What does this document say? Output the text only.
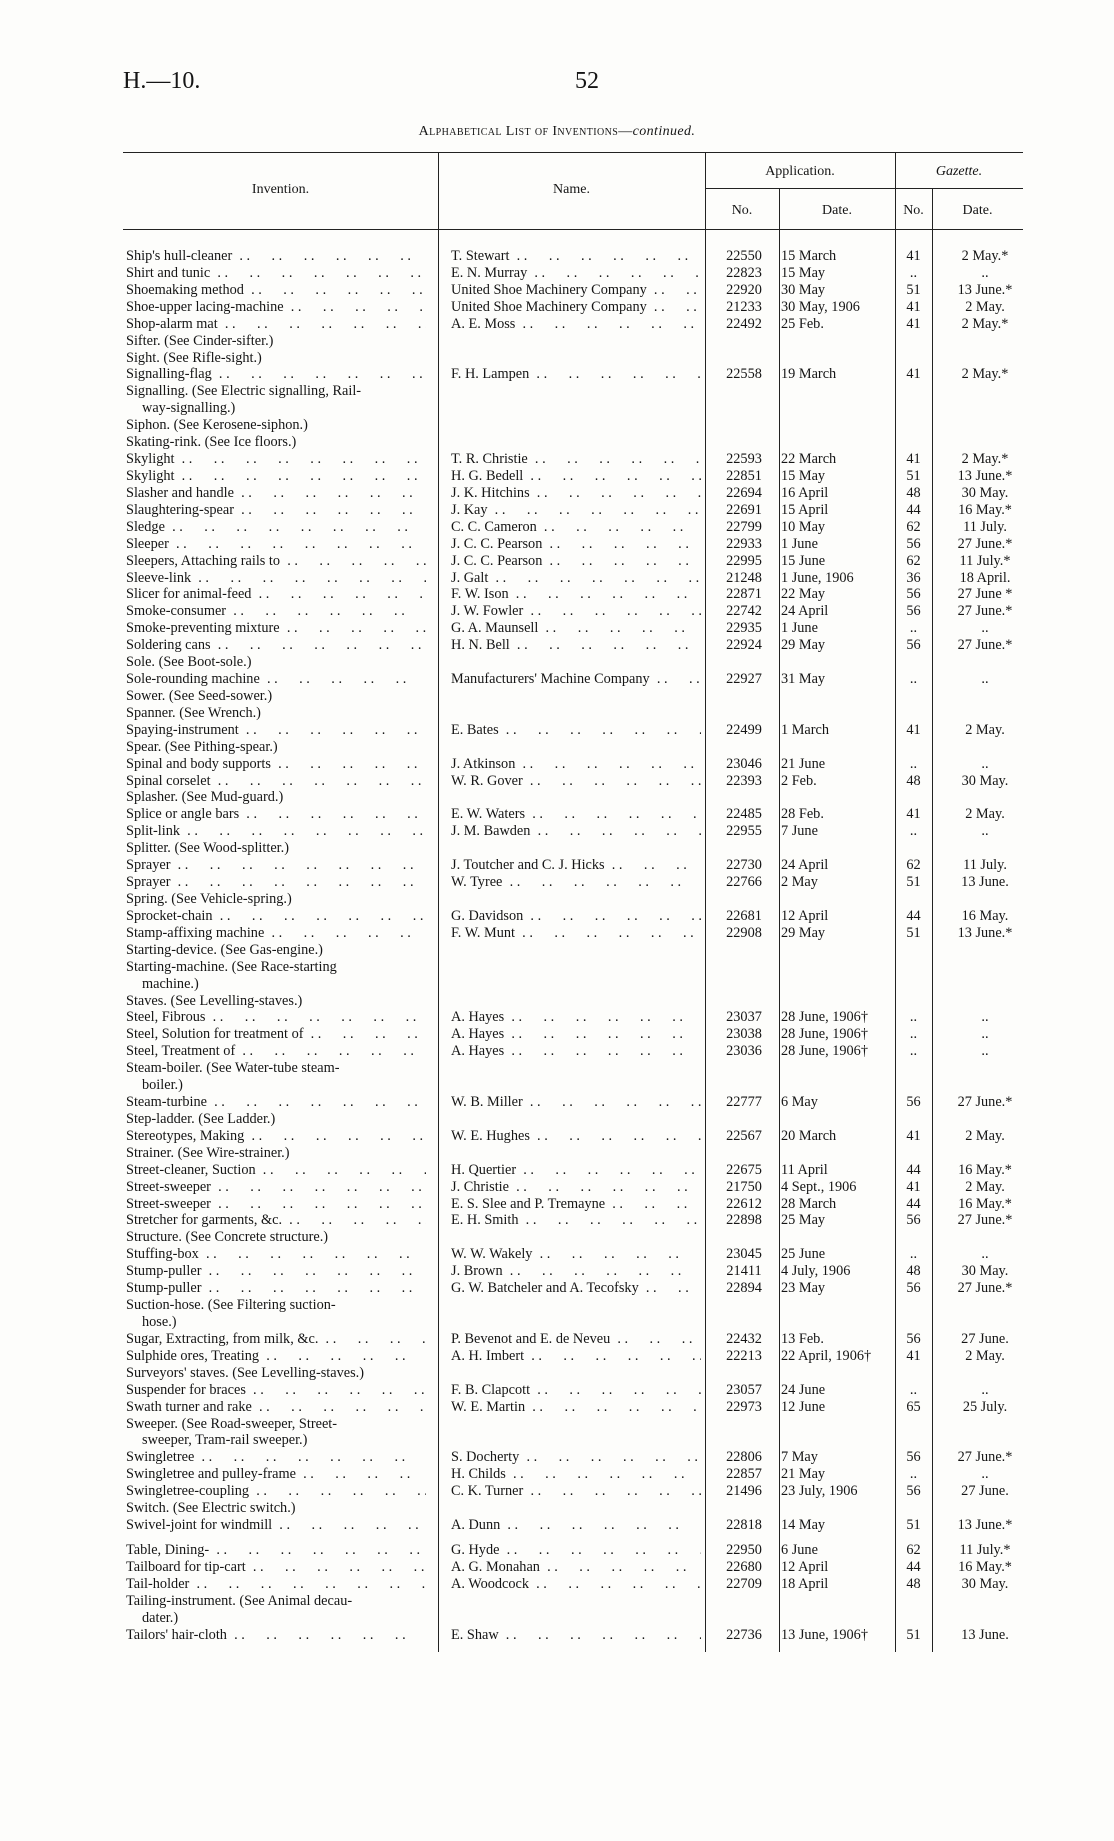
H.—10.	52
Alphabetical List of Inventions—continued.
Invention.	Name.
Application.
No.	Date.
Gazette.
No.	Date.
Ship's hull-cleaner . .	T. Stewart . .	22550	15 March	41	2 May.*
Shirt and tunic . .	E. N. Murray . .	22823	15 May	..	..
Shoemaking method . .	United Shoe Machinery Company . .	22920	30 May	51	13 June.*
Shoe-upper lacing-machine . .	United Shoe Machinery Company . .	21233	30 May, 1906	41	2 May.
Shop-alarm mat . .	A. E. Moss . .	22492	25 Feb.	41	2 May.*
Sifter. (See Cinder-sifter.)
Sight. (See Rifle-sight.)
Signalling-flag . .	F. H. Lampen . .	22558	19 March	41	2 May.*
Signalling. (See Electric signalling, Rail-
way-signalling.)
Siphon. (See Kerosene-siphon.)
Skating-rink. (See Ice floors.)
Skylight . .	T. R. Christie . .	22593	22 March	41	2 May.*
Skylight . .	H. G. Bedell . .	22851	15 May	51	13 June.*
Slasher and handle . .	J. K. Hitchins . .	22694	16 April	48	30 May.
Slaughtering-spear . .	J. Kay . .	22691	15 April	44	16 May.*
Sledge . .	C. C. Cameron . .	22799	10 May	62	11 July.
Sleeper . .	J. C. C. Pearson . .	22933	1 June	56	27 June.*
Sleepers, Attaching rails to . .	J. C. C. Pearson . .	22995	15 June	62	11 July.*
Sleeve-link . .	J. Galt . .	21248	1 June, 1906	36	18 April.
Slicer for animal-feed . .	F. W. Ison . .	22871	22 May	56	27 June *
Smoke-consumer . .	J. W. Fowler . .	22742	24 April	56	27 June.*
Smoke-preventing mixture . .	G. A. Maunsell . .	22935	1 June	..	..
Soldering cans . .	H. N. Bell . .	22924	29 May	56	27 June.*
Sole. (See Boot-sole.)
Sole-rounding machine . .	Manufacturers' Machine Company . .	22927	31 May	..	..
Sower. (See Seed-sower.)
Spanner. (See Wrench.)
Spaying-instrument . .	E. Bates . .	22499	1 March	41	2 May.
Spear. (See Pithing-spear.)
Spinal and body supports . .	J. Atkinson . .	23046	21 June	..	..
Spinal corselet . .	W. R. Gover . .	22393	2 Feb.	48	30 May.
Splasher. (See Mud-guard.)
Splice or angle bars . .	E. W. Waters . .	22485	28 Feb.	41	2 May.
Split-link . .	J. M. Bawden . .	22955	7 June	..	..
Splitter. (See Wood-splitter.)
Sprayer . .	J. Toutcher and C. J. Hicks . .	22730	24 April	62	11 July.
Sprayer . .	W. Tyree . .	22766	2 May	51	13 June.
Spring. (See Vehicle-spring.)
Sprocket-chain . .	G. Davidson . .	22681	12 April	44	16 May.
Stamp-affixing machine . .	F. W. Munt . .	22908	29 May	51	13 June.*
Starting-device. (See Gas-engine.)
Starting-machine. (See Race-starting
machine.)
Staves. (See Levelling-staves.)
Steel, Fibrous . .	A. Hayes . .	23037	28 June, 1906†	..	..
Steel, Solution for treatment of . .	A. Hayes . .	23038	28 June, 1906†	..	..
Steel, Treatment of . .	A. Hayes . .	23036	28 June, 1906†	..	..
Steam-boiler. (See Water-tube steam-
boiler.)
Steam-turbine . .	W. B. Miller . .	22777	6 May	56	27 June.*
Step-ladder. (See Ladder.)
Stereotypes, Making . .	W. E. Hughes . .	22567	20 March	41	2 May.
Strainer. (See Wire-strainer.)
Street-cleaner, Suction . .	H. Quertier . .	22675	11 April	44	16 May.*
Street-sweeper . .	J. Christie . .	21750	4 Sept., 1906	41	2 May.
Street-sweeper . .	E. S. Slee and P. Tremayne . .	22612	28 March	44	16 May.*
Stretcher for garments, &c. . .	E. H. Smith . .	22898	25 May	56	27 June.*
Structure. (See Concrete structure.)
Stuffing-box . .	W. W. Wakely . .	23045	25 June	..	..
Stump-puller . .	J. Brown . .	21411	4 July, 1906	48	30 May.
Stump-puller . .	G. W. Batcheler and A. Tecofsky . .	22894	23 May	56	27 June.*
Suction-hose. (See Filtering suction-
hose.)
Sugar, Extracting, from milk, &c. . .	P. Bevenot and E. de Neveu . .	22432	13 Feb.	56	27 June.
Sulphide ores, Treating . .	A. H. Imbert . .	22213	22 April, 1906†	41	2 May.
Surveyors' staves. (See Levelling-staves.)
Suspender for braces . .	F. B. Clapcott . .	23057	24 June	..	..
Swath turner and rake . .	W. E. Martin . .	22973	12 June	65	25 July.
Sweeper. (See Road-sweeper, Street-
sweeper, Tram-rail sweeper.)
Swingletree . .	S. Docherty . .	22806	7 May	56	27 June.*
Swingletree and pulley-frame . .	H. Childs . .	22857	21 May	..	..
Swingletree-coupling . .	C. K. Turner . .	21496	23 July, 1906	56	27 June.
Switch. (See Electric switch.)
Swivel-joint for windmill . .	A. Dunn . .	22818	14 May	51	13 June.*
Table, Dining- . .	G. Hyde . .	22950	6 June	62	11 July.*
Tailboard for tip-cart . .	A. G. Monahan . .	22680	12 April	44	16 May.*
Tail-holder . .	A. Woodcock . .	22709	18 April	48	30 May.
Tailing-instrument. (See Animal decau-
dater.)
Tailors' hair-cloth . .	E. Shaw . .	22736	13 June, 1906†	51	13 June.
